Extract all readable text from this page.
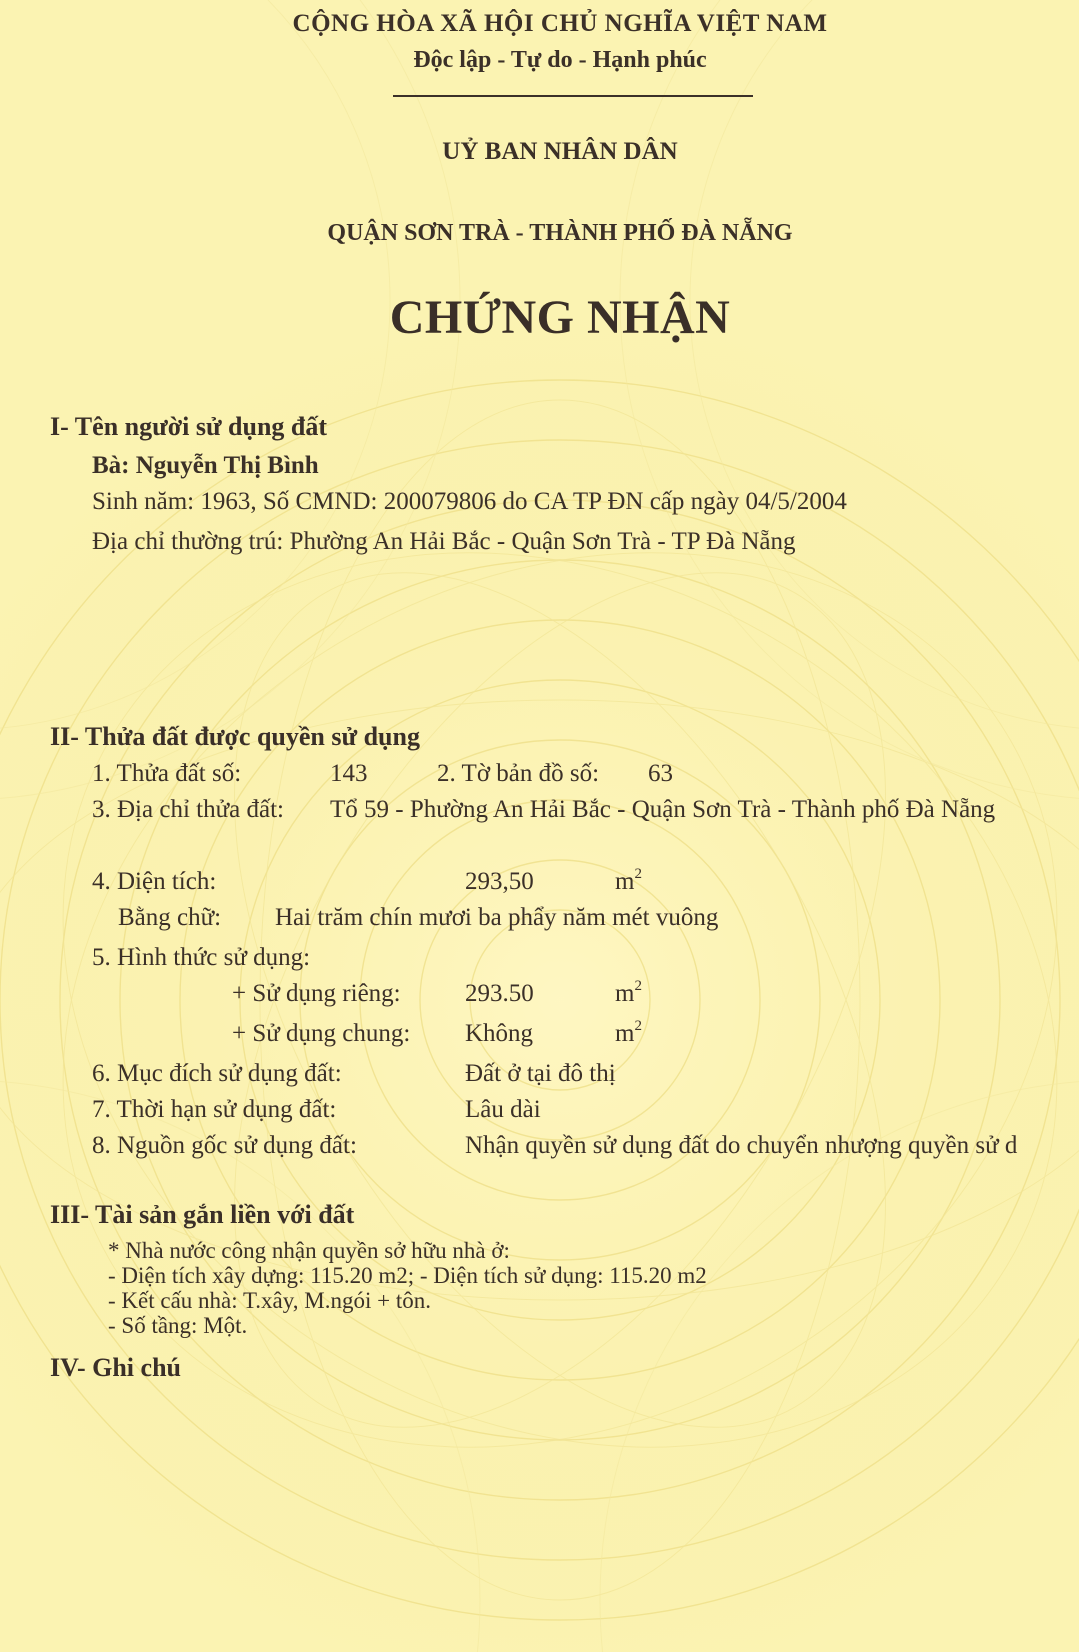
CỘNG HÒA XÃ HỘI CHỦ NGHĨA VIỆT NAM
Độc lập - Tự do - Hạnh phúc
UỶ BAN NHÂN DÂN
QUẬN SƠN TRÀ - THÀNH PHỐ ĐÀ NẴNG
CHỨNG NHẬN
I- Tên người sử dụng đất
Bà: Nguyễn Thị Bình
Sinh năm: 1963, Số CMND: 200079806 do CA TP ĐN cấp ngày 04/5/2004
Địa chỉ thường trú: Phường An Hải Bắc - Quận Sơn Trà - TP Đà Nẵng
II- Thửa đất được quyền sử dụng
1. Thửa đất số:	143	2. Tờ bản đồ số: 63
3. Địa chỉ thửa đất: Tổ 59 - Phường An Hải Bắc - Quận Sơn Trà - Thành phố Đà Nẵng
4. Diện tích:	293,50	$m^2$
Bằng chữ: Hai trăm chín mươi ba phẩy năm mét vuông
5. Hình thức sử dụng:
+ Sử dụng riêng:	293.50	$m^2$
+ Sử dụng chung: Không	$m^2$
6. Mục đích sử dụng đất:	Đất ở tại đô thị
7. Thời hạn sử dụng đất:	Lâu dài
8. Nguồn gốc sử dụng đất:	Nhận quyền sử dụng đất do chuyển nhượng quyền sử d
III- Tài sản gắn liền với đất
* Nhà nước công nhận quyền sở hữu nhà ở:
- Diện tích xây dựng: 115.20 m2; - Diện tích sử dụng: 115.20 m2
- Kết cấu nhà: T.xây, M.ngói + tôn.
- Số tầng: Một.
IV- Ghi chú
